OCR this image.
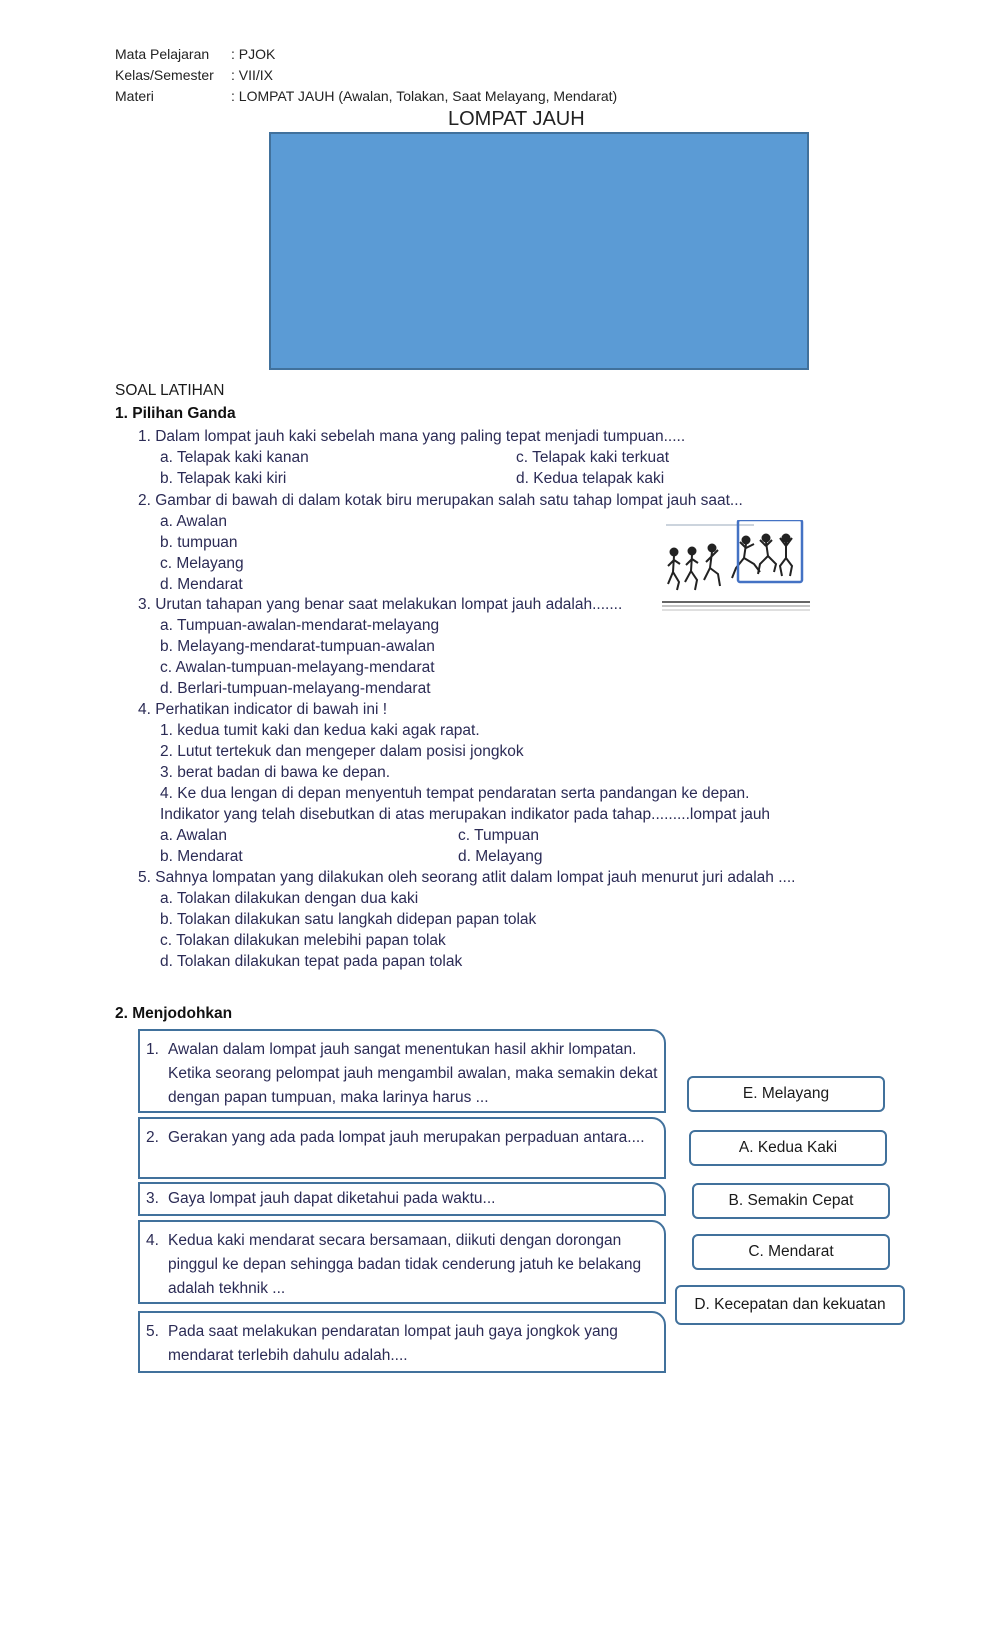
Mata Pelajaran : PJOK
Kelas/Semester : VII/IX
Materi	: LOMPAT JAUH (Awalan, Tolakan, Saat Melayang, Mendarat)
LOMPAT JAUH
SOAL LATIHAN
1. Pilihan Ganda
1. Dalam lompat jauh kaki sebelah mana yang paling tepat menjadi tumpuan.....
a. Telapak kaki kanan	c. Telapak kaki terkuat
b. Telapak kaki kiri	d. Kedua telapak kaki
2. Gambar di bawah di dalam kotak biru merupakan salah satu tahap lompat jauh saat...
a. Awalan
b. tumpuan
c. Melayang
d. Mendarat
3. Urutan tahapan yang benar saat melakukan lompat jauh adalah.......
a. Tumpuan-awalan-mendarat-melayang
b. Melayang-mendarat-tumpuan-awalan
c. Awalan-tumpuan-melayang-mendarat
d. Berlari-tumpuan-melayang-mendarat
4. Perhatikan indicator di bawah ini !
1. kedua tumit kaki dan kedua kaki agak rapat.
2. Lutut tertekuk dan mengeper dalam posisi jongkok
3. berat badan di bawa ke depan.
4. Ke dua lengan di depan menyentuh tempat pendaratan serta pandangan ke depan.
Indikator yang telah disebutkan di atas merupakan indikator pada tahap.........lompat jauh
a. Awalan	c. Tumpuan
b. Mendarat	d. Melayang
5. Sahnya lompatan yang dilakukan oleh seorang atlit dalam lompat jauh menurut juri adalah ....
a. Tolakan dilakukan dengan dua kaki
b. Tolakan dilakukan satu langkah didepan papan tolak
c. Tolakan dilakukan melebihi papan tolak
d. Tolakan dilakukan tepat pada papan tolak
2. Menjodohkan
1. Awalan dalam lompat jauh sangat menentukan hasil akhir lompatan. Ketika seorang pelompat jauh mengambil awalan, maka semakin dekat dengan papan tumpuan, maka larinya harus ...
2. Gerakan yang ada pada lompat jauh merupakan perpaduan antara....
3. Gaya lompat jauh dapat diketahui pada waktu...
4. Kedua kaki mendarat secara bersamaan, diikuti dengan dorongan pinggul ke depan sehingga badan tidak cenderung jatuh ke belakang adalah tekhnik ...
5. Pada saat melakukan pendaratan lompat jauh gaya jongkok yang mendarat terlebih dahulu adalah....
E. Melayang
A. Kedua Kaki
B. Semakin Cepat
C. Mendarat
D. Kecepatan dan kekuatan
